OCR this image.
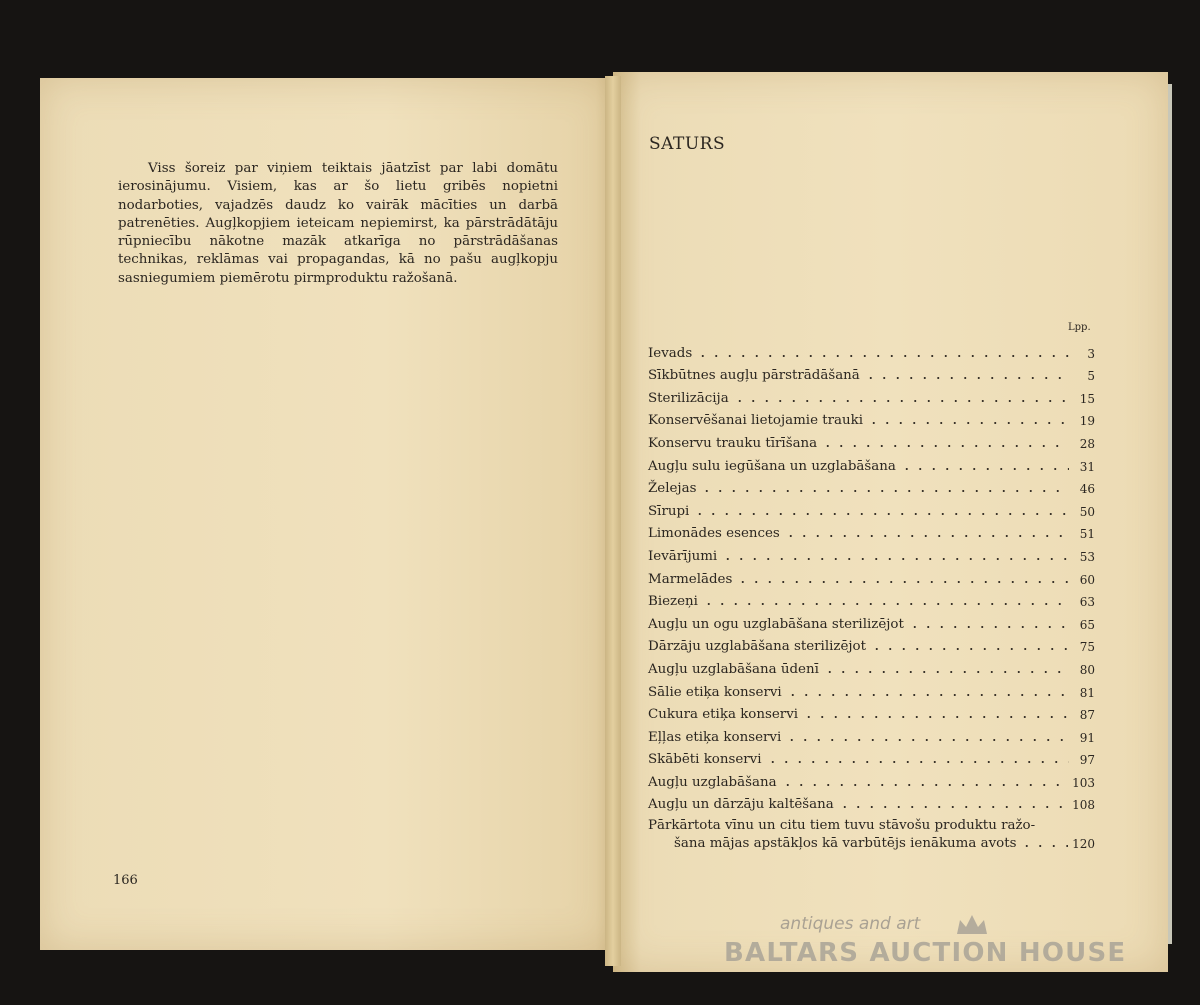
Viss šoreiz par viņiem teiktais jāatzīst par labi domātu ierosinājumu. Visiem, kas ar šo lietu gribēs nopietni nodarboties, vajadzēs daudz ko vairāk mācīties un darbā patrenēties. Augļkopjiem ieteicam nepiemirst, ka pārstrādātāju rūpniecību nākotne mazāk atkarīga no pārstrādāšanas technikas, reklāmas vai propagandas, kā no pašu augļkopju sasniegumiem piemērotu pirmproduktu ražošanā.

166
SATURS
Lpp.
Ievads	3
Sīkbūtnes augļu pārstrādāšanā	5
Sterilizācija	15
Konservēšanai lietojamie trauki	19
Konservu trauku tīrīšana	28
Augļu sulu iegūšana un uzglabāšana	31
Želejas	46
Sīrupi	50
Limonādes esences	51
Ievārījumi	53
Marmelādes	60
Biezeņi	63
Augļu un ogu uzglabāšana sterilizējot	65
Dārzāju uzglabāšana sterilizējot	75
Augļu uzglabāšana ūdenī	80
Sālie etiķa konservi	81
Cukura etiķa konservi	87
Eļļas etiķa konservi	91
Skābēti konservi	97
Augļu uzglabāšana	103
Augļu un dārzāju kaltēšana	108
Pārkārtota vīnu un citu tiem tuvu stāvošu produktu ražo-
šana mājas apstākļos kā varbūtējs ienākuma avots	120
antiques and art
BALTARS AUCTION HOUSE
